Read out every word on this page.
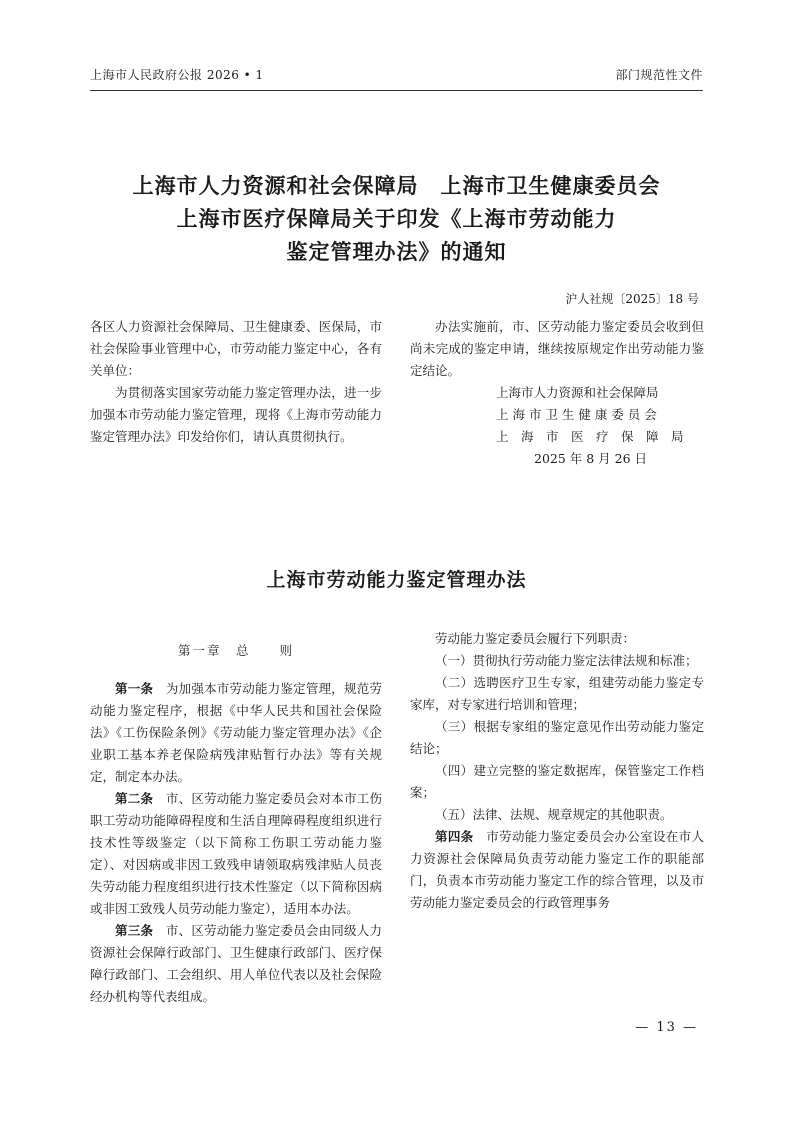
上海市人民政府公报 2026 • 1	部门规范性文件
上海市人力资源和社会保障局　上海市卫生健康委员会
上海市医疗保障局关于印发《上海市劳动能力
鉴定管理办法》的通知
沪人社规〔2025〕18 号

各区人力资源社会保障局、卫生健康委、医保局，市社会保险事业管理中心，市劳动能力鉴定中心，各有关单位：

为贯彻落实国家劳动能力鉴定管理办法，进一步加强本市劳动能力鉴定管理，现将《上海市劳动能力鉴定管理办法》印发给你们，请认真贯彻执行。

办法实施前，市、区劳动能力鉴定委员会收到但尚未完成的鉴定申请，继续按原规定作出劳动能力鉴定结论。

上海市人力资源和社会保障局

上 海 市 卫 生 健 康 委 员 会

上　海　市　医　疗　保　障　局

2025 年 8 月 26 日

上海市劳动能力鉴定管理办法

第一章　总　　则

第一条　 为加强本市劳动能力鉴定管理，规范劳动能力鉴定程序，根据《中华人民共和国社会保险法》《工伤保险条例》《劳动能力鉴定管理办法》《企业职工基本养老保险病残津贴暂行办法》等有关规定，制定本办法。

第二条　 市、区劳动能力鉴定委员会对本市工伤职工劳动功能障碍程度和生活自理障碍程度组织进行技术性等级鉴定（以下简称工伤职工劳动能力鉴定）、对因病或非因工致残申请领取病残津贴人员丧失劳动能力程度组织进行技术性鉴定（以下简称因病或非因工致残人员劳动能力鉴定），适用本办法。

第三条　 市、区劳动能力鉴定委员会由同级人力资源社会保障行政部门、卫生健康行政部门、医疗保障行政部门、工会组织、用人单位代表以及社会保险经办机构等代表组成。

劳动能力鉴定委员会履行下列职责：

（一）贯彻执行劳动能力鉴定法律法规和标准；

（二）选聘医疗卫生专家，组建劳动能力鉴定专家库，对专家进行培训和管理；

（三）根据专家组的鉴定意见作出劳动能力鉴定结论；

（四）建立完整的鉴定数据库，保管鉴定工作档案；

（五）法律、法规、规章规定的其他职责。

第四条　 市劳动能力鉴定委员会办公室设在市人力资源社会保障局负责劳动能力鉴定工作的职能部门，负责本市劳动能力鉴定工作的综合管理，以及市劳动能力鉴定委员会的行政管理事务

— 13 —
